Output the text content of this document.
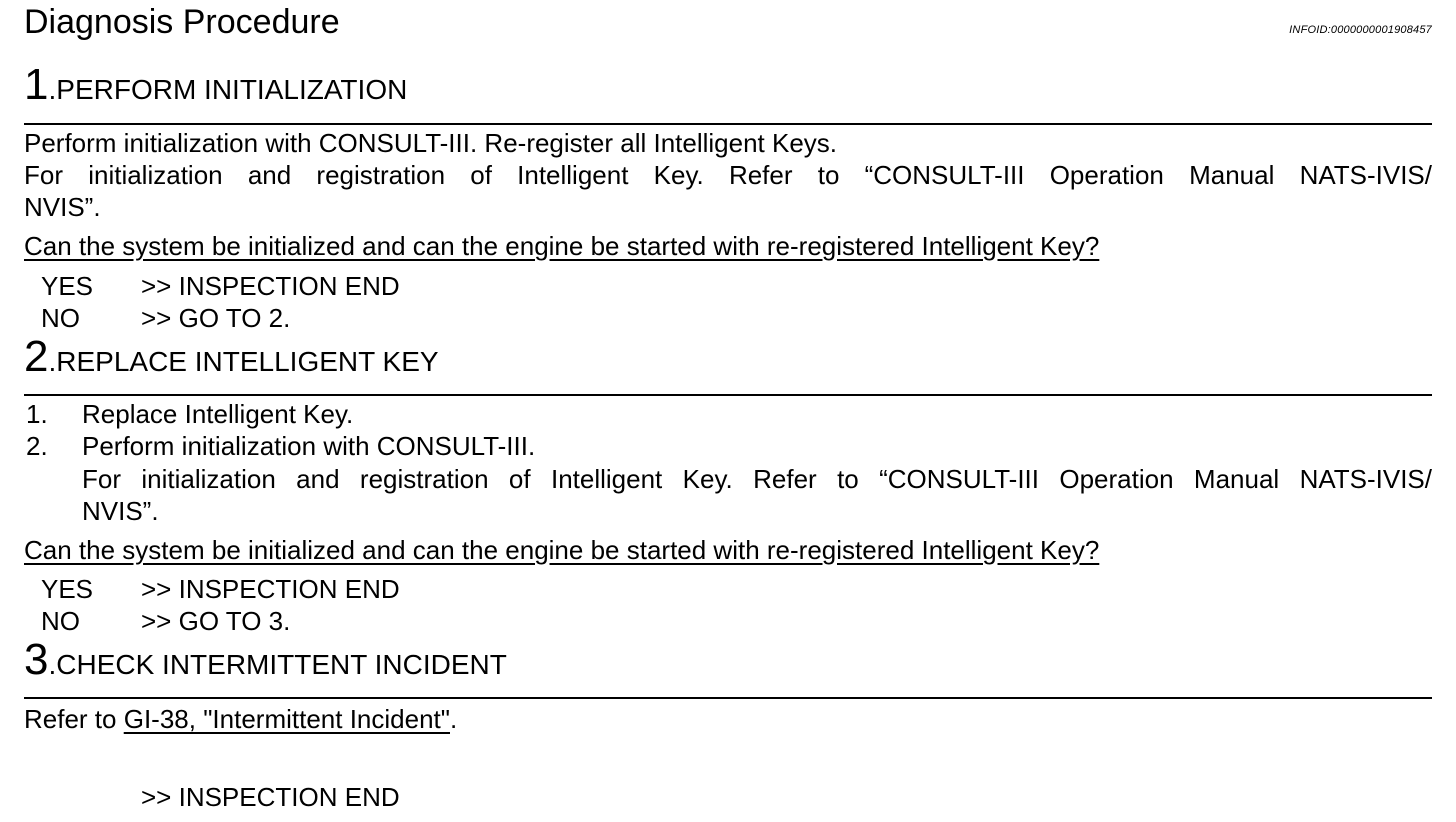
Diagnosis Procedure	INFOID:0000000001908457
1.PERFORM INITIALIZATION
Perform initialization with CONSULT-III. Re-register all Intelligent Keys.
For initialization and registration of Intelligent Key. Refer to “CONSULT-III Operation Manual NATS-IVIS/
NVIS”.
Can the system be initialized and can the engine be started with re-registered Intelligent Key?
YES >> INSPECTION END
NO >> GO TO 2.
2.REPLACE INTELLIGENT KEY
1. Replace Intelligent Key.
2. Perform initialization with CONSULT-III.
For initialization and registration of Intelligent Key. Refer to “CONSULT-III Operation Manual NATS-IVIS/
NVIS”.
Can the system be initialized and can the engine be started with re-registered Intelligent Key?
YES >> INSPECTION END
NO >> GO TO 3.
3.CHECK INTERMITTENT INCIDENT
Refer to GI-38, "Intermittent Incident".
>> INSPECTION END
